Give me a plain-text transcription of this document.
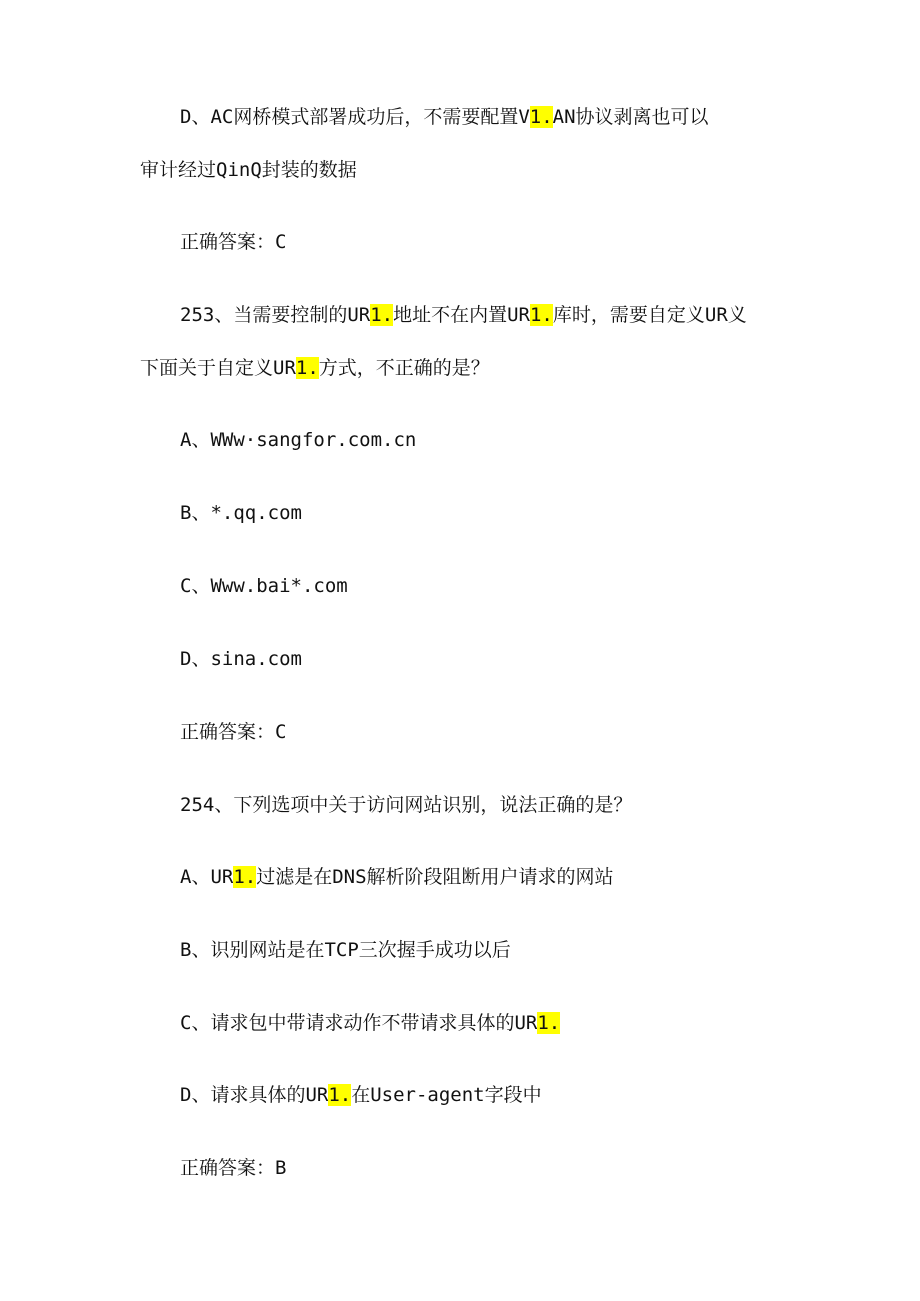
D、AC网桥模式部署成功后，不需要配置V1.AN协议剥离也可以
审计经过QinQ封装的数据
正确答案：C
253、当需要控制的UR1.地址不在内置UR1.库时，需要自定义UR义
下面关于自定义UR1.方式，不正确的是？
A、WWw·sangfor.com.cn
B、*.qq.com
C、Www.bai*.com
D、sina.com
正确答案：C
254、下列选项中关于访问网站识别，说法正确的是？
A、UR1.过滤是在DNS解析阶段阻断用户请求的网站
B、识别网站是在TCP三次握手成功以后
C、请求包中带请求动作不带请求具体的UR1.
D、请求具体的UR1.在User-agent字段中
正确答案：B
